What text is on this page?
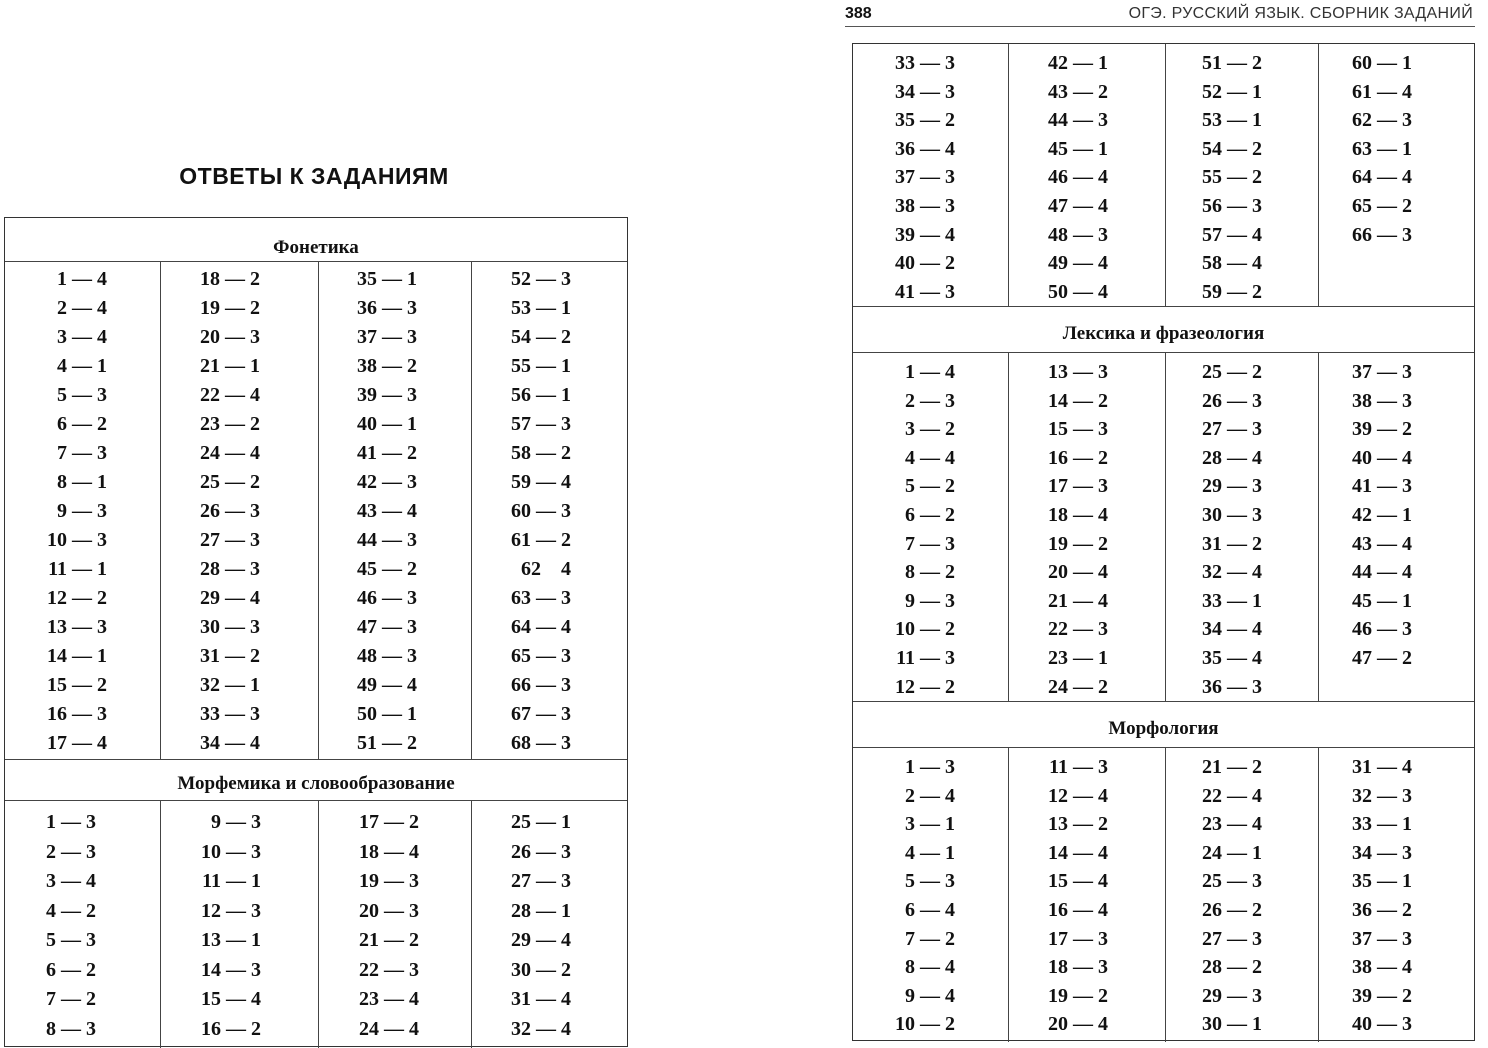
ОТВЕТЫ К ЗАДАНИЯМ
Фонетика
1 — 4
2 — 4
3 — 4
4 — 1
5 — 3
6 — 2
7 — 3
8 — 1
9 — 3
10 — 3
11 — 1
12 — 2
13 — 3
14 — 1
15 — 2
16 — 3
17 — 4
18 — 2
19 — 2
20 — 3
21 — 1
22 — 4
23 — 2
24 — 4
25 — 2
26 — 3
27 — 3
28 — 3
29 — 4
30 — 3
31 — 2
32 — 1
33 — 3
34 — 4
35 — 1
36 — 3
37 — 3
38 — 2
39 — 3
40 — 1
41 — 2
42 — 3
43 — 4
44 — 3
45 — 2
46 — 3
47 — 3
48 — 3
49 — 4
50 — 1
51 — 2
52 — 3
53 — 1
54 — 2
55 — 1
56 — 1
57 — 3
58 — 2
59 — 4
60 — 3
61 — 2
62    4
63 — 3
64 — 4
65 — 3
66 — 3
67 — 3
68 — 3
Морфемика и словообразование
1 — 3
2 — 3
3 — 4
4 — 2
5 — 3
6 — 2
7 — 2
8 — 3
9 — 3
10 — 3
11 — 1
12 — 3
13 — 1
14 — 3
15 — 4
16 — 2
17 — 2
18 — 4
19 — 3
20 — 3
21 — 2
22 — 3
23 — 4
24 — 4
25 — 1
26 — 3
27 — 3
28 — 1
29 — 4
30 — 2
31 — 4
32 — 4
388	ОГЭ. РУССКИЙ ЯЗЫК. СБОРНИК ЗАДАНИЙ
33 — 3
34 — 3
35 — 2
36 — 4
37 — 3
38 — 3
39 — 4
40 — 2
41 — 3
42 — 1
43 — 2
44 — 3
45 — 1
46 — 4
47 — 4
48 — 3
49 — 4
50 — 4
51 — 2
52 — 1
53 — 1
54 — 2
55 — 2
56 — 3
57 — 4
58 — 4
59 — 2
60 — 1
61 — 4
62 — 3
63 — 1
64 — 4
65 — 2
66 — 3
Лексика и фразеология
1 — 4
2 — 3
3 — 2
4 — 4
5 — 2
6 — 2
7 — 3
8 — 2
9 — 3
10 — 2
11 — 3
12 — 2
13 — 3
14 — 2
15 — 3
16 — 2
17 — 3
18 — 4
19 — 2
20 — 4
21 — 4
22 — 3
23 — 1
24 — 2
25 — 2
26 — 3
27 — 3
28 — 4
29 — 3
30 — 3
31 — 2
32 — 4
33 — 1
34 — 4
35 — 4
36 — 3
37 — 3
38 — 3
39 — 2
40 — 4
41 — 3
42 — 1
43 — 4
44 — 4
45 — 1
46 — 3
47 — 2
Морфология
1 — 3
2 — 4
3 — 1
4 — 1
5 — 3
6 — 4
7 — 2
8 — 4
9 — 4
10 — 2
11 — 3
12 — 4
13 — 2
14 — 4
15 — 4
16 — 4
17 — 3
18 — 3
19 — 2
20 — 4
21 — 2
22 — 4
23 — 4
24 — 1
25 — 3
26 — 2
27 — 3
28 — 2
29 — 3
30 — 1
31 — 4
32 — 3
33 — 1
34 — 3
35 — 1
36 — 2
37 — 3
38 — 4
39 — 2
40 — 3
